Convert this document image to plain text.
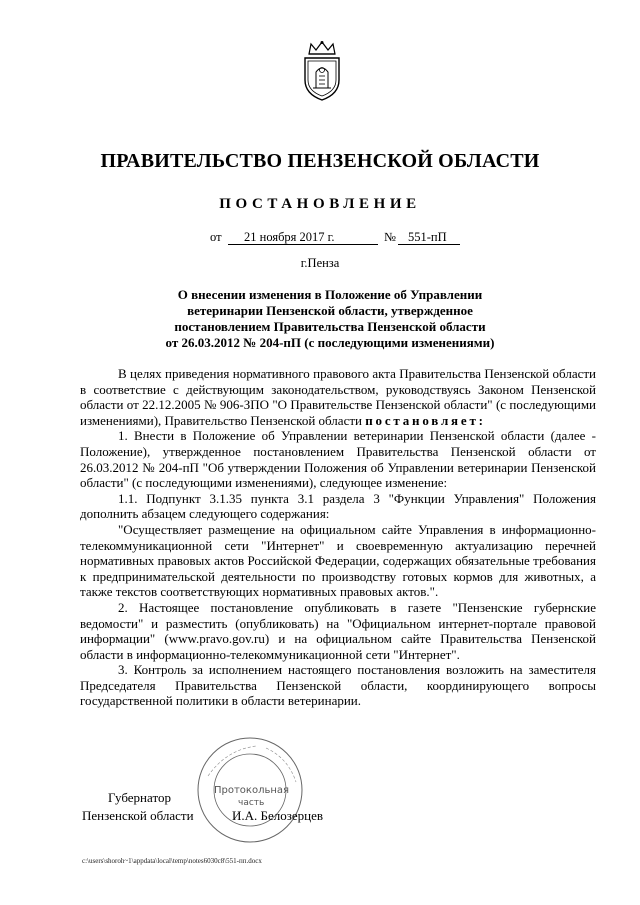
ПРАВИТЕЛЬСТВО ПЕНЗЕНСКОЙ ОБЛАСТИ
ПОСТАНОВЛЕНИЕ
от 21 ноября 2017 г.	№ 551-пП
г.Пенза
О внесении изменения в Положение об Управлении
ветеринарии Пензенской области, утвержденное
постановлением Правительства Пензенской области
от 26.03.2012 № 204-пП (с последующими изменениями)

В целях приведения нормативного правового акта Правительства Пензенской области в соответствие с действующим законодательством, руководствуясь Законом Пензенской области от 22.12.2005 № 906-ЗПО "О Правительстве Пензенской области" (с последующими изменениями), Правительство Пензенской области постановляет:

1. Внести в Положение об Управлении ветеринарии Пензенской области (далее - Положение), утвержденное постановлением Правительства Пензенской области от 26.03.2012 № 204-пП "Об утверждении Положения об Управлении ветеринарии Пензенской области" (с последующими изменениями), следующее изменение:

1.1. Подпункт 3.1.35 пункта 3.1 раздела 3 "Функции Управления" Положения дополнить абзацем следующего содержания:

"Осуществляет размещение на официальном сайте Управления в информационно-телекоммуникационной сети "Интернет" и своевременную актуализацию перечней нормативных правовых актов Российской Федерации, содержащих обязательные требования к предпринимательской деятельности по производству готовых кормов для животных, а также текстов соответствующих нормативных правовых актов.".

2. Настоящее постановление опубликовать в газете "Пензенские губернские ведомости" и разместить (опубликовать) на "Официальном интернет-портале правовой информации" (www.pravo.gov.ru) и на официальном сайте Правительства Пензенской области в информационно-телекоммуникационной сети "Интернет".

3. Контроль за исполнением настоящего постановления возложить на заместителя Председателя Правительства Пензенской области, координирующего вопросы государственной политики в области ветеринарии.

Протокольная
часть
Губернатор
Пензенской области	И.А. Белозерцев
c:\users\shoroh~1\appdata\local\temp\notes6030c8\551-пп.docx
